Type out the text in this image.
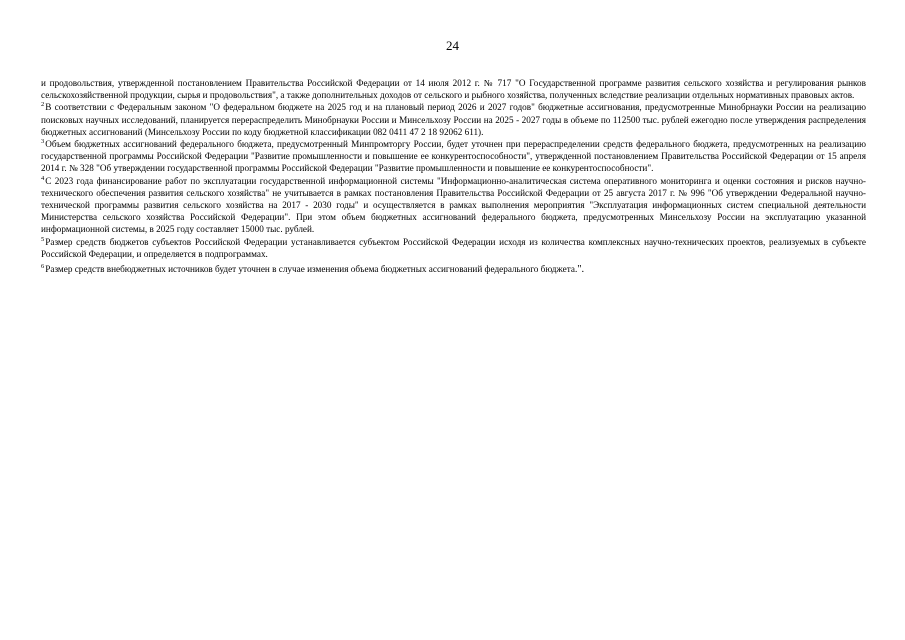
24

и продовольствия, утвержденной постановлением Правительства Российской Федерации от 14 июля 2012 г. № 717 "О Государственной программе развития сельского хозяйства и регулирования рынков сельскохозяйственной продукции, сырья и продовольствия", а также дополнительных доходов от сельского и рыбного хозяйства, полученных вследствие реализации отдельных нормативных правовых актов.

$^2$В соответствии с Федеральным законом "О федеральном бюджете на 2025 год и на плановый период 2026 и 2027 годов" бюджетные ассигнования, предусмотренные Минобрнауки России на реализацию поисковых научных исследований, планируется перераспределить Минобрнауки России и Минсельхозу России на 2025 - 2027 годы в объеме по 112500 тыс. рублей ежегодно после утверждения распределения бюджетных ассигнований (Минсельхозу России по коду бюджетной классификации 082 0411 47 2 18 92062 611).

$^3$Объем бюджетных ассигнований федерального бюджета, предусмотренный Минпромторгу России, будет уточнен при перераспределении средств федерального бюджета, предусмотренных на реализацию государственной программы Российской Федерации "Развитие промышленности и повышение ее конкурентоспособности", утвержденной постановлением Правительства Российской Федерации от 15 апреля 2014 г. № 328 "Об утверждении государственной программы Российской Федерации "Развитие промышленности и повышение ее конкурентоспособности".

$^4$С 2023 года финансирование работ по эксплуатации государственной информационной системы "Информационно-аналитическая система оперативного мониторинга и оценки состояния и рисков научно-технического обеспечения развития сельского хозяйства" не учитывается в рамках постановления Правительства Российской Федерации от 25 августа 2017 г. № 996 "Об утверждении Федеральной научно-технической программы развития сельского хозяйства на 2017 - 2030 годы" и осуществляется в рамках выполнения мероприятия "Эксплуатация информационных систем специальной деятельности Министерства сельского хозяйства Российской Федерации". При этом объем бюджетных ассигнований федерального бюджета, предусмотренных Минсельхозу России на эксплуатацию указанной информационной системы, в 2025 году составляет 15000 тыс. рублей.

$^5$Размер средств бюджетов субъектов Российской Федерации устанавливается субъектом Российской Федерации исходя из количества комплексных научно-технических проектов, реализуемых в субъекте Российской Федерации, и определяется в подпрограммах.

$^6$Размер средств внебюджетных источников будет уточнен в случае изменения объема бюджетных ассигнований федерального бюджета.".
